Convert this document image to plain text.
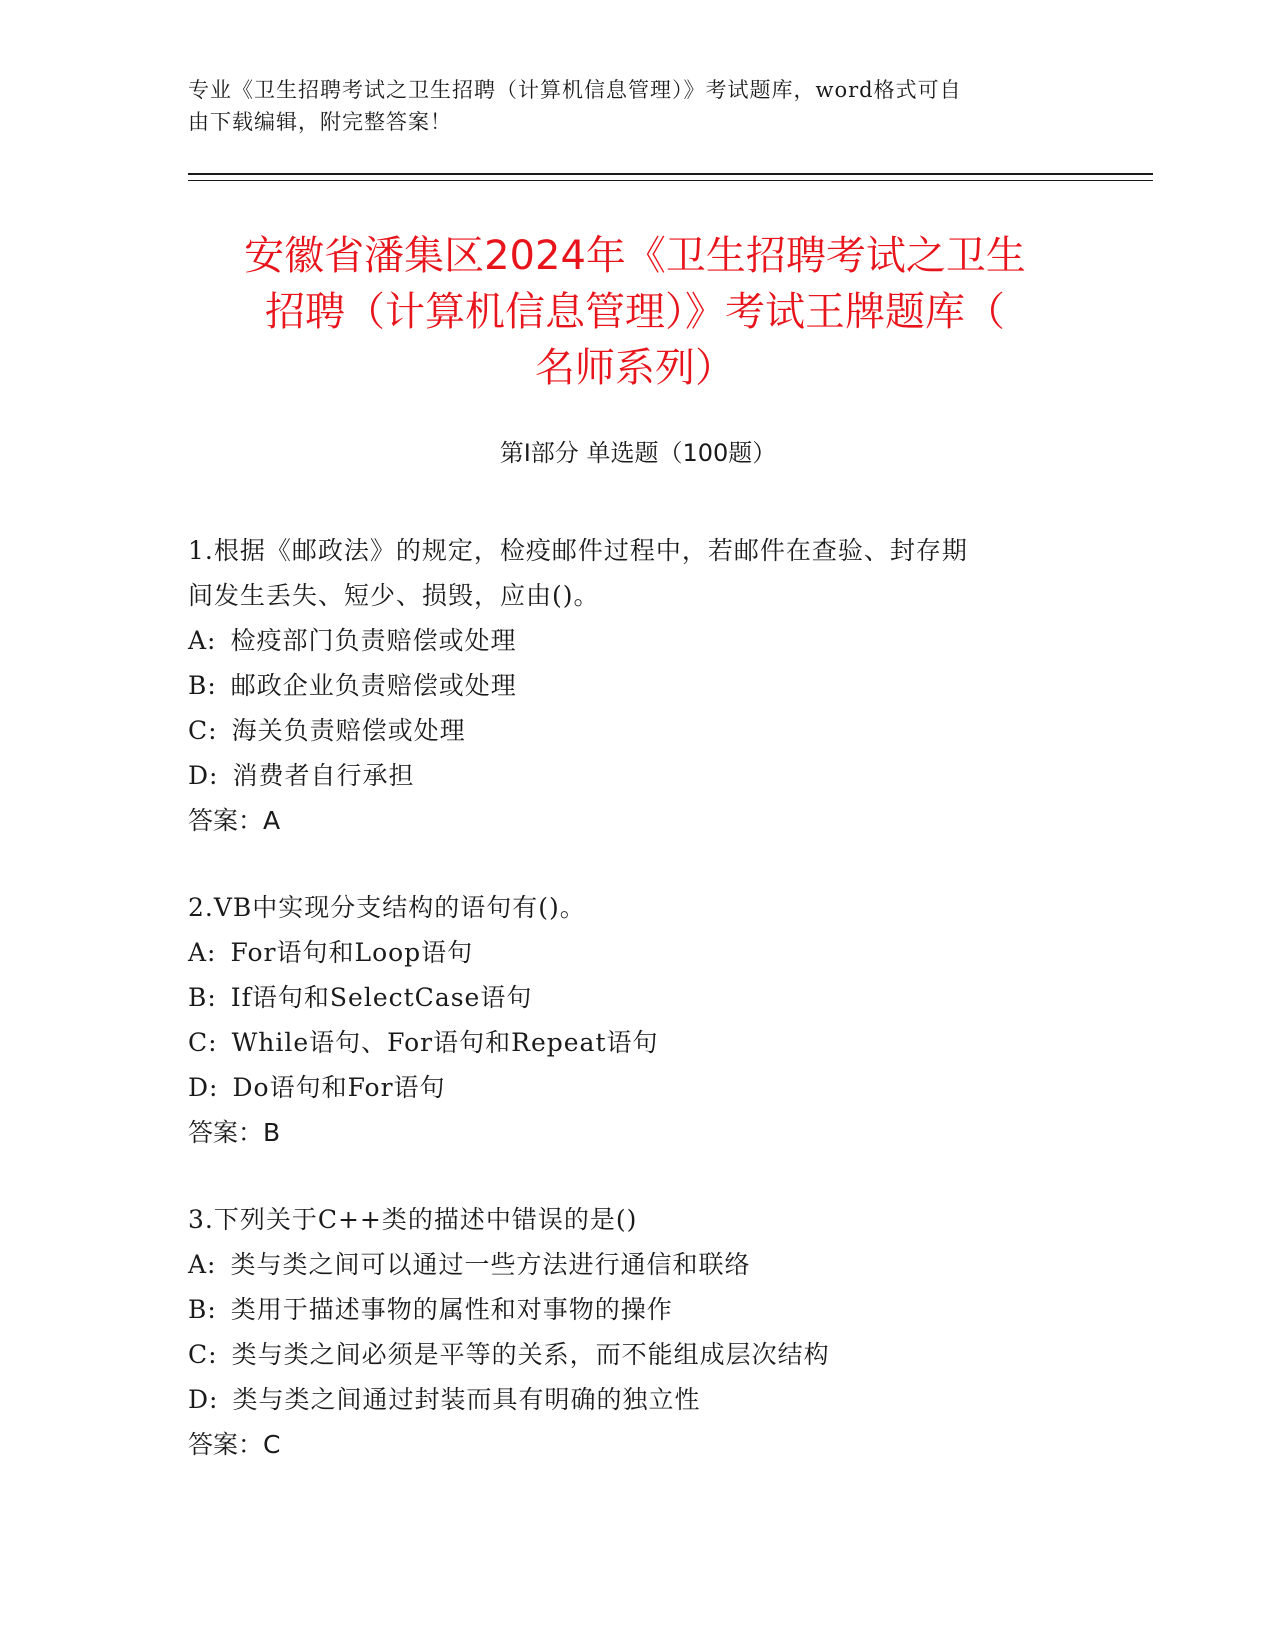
专业《卫生招聘考试之卫生招聘（计算机信息管理）》考试题库，word格式可自
由下载编辑，附完整答案！
安徽省潘集区2024年《卫生招聘考试之卫生
招聘（计算机信息管理）》考试王牌题库（
名师系列）
第I部分 单选题（100题）
1.根据《邮政法》的规定，检疫邮件过程中，若邮件在查验、封存期
间发生丢失、短少、损毁，应由()。
A: 检疫部门负责赔偿或处理
B: 邮政企业负责赔偿或处理
C: 海关负责赔偿或处理
D: 消费者自行承担
答案：A
2.VB中实现分支结构的语句有()。
A: For语句和Loop语句
B: If语句和SelectCase语句
C: While语句、For语句和Repeat语句
D: Do语句和For语句
答案：B
3.下列关于C++类的描述中错误的是()
A: 类与类之间可以通过一些方法进行通信和联络
B: 类用于描述事物的属性和对事物的操作
C: 类与类之间必须是平等的关系，而不能组成层次结构
D: 类与类之间通过封装而具有明确的独立性
答案：C
